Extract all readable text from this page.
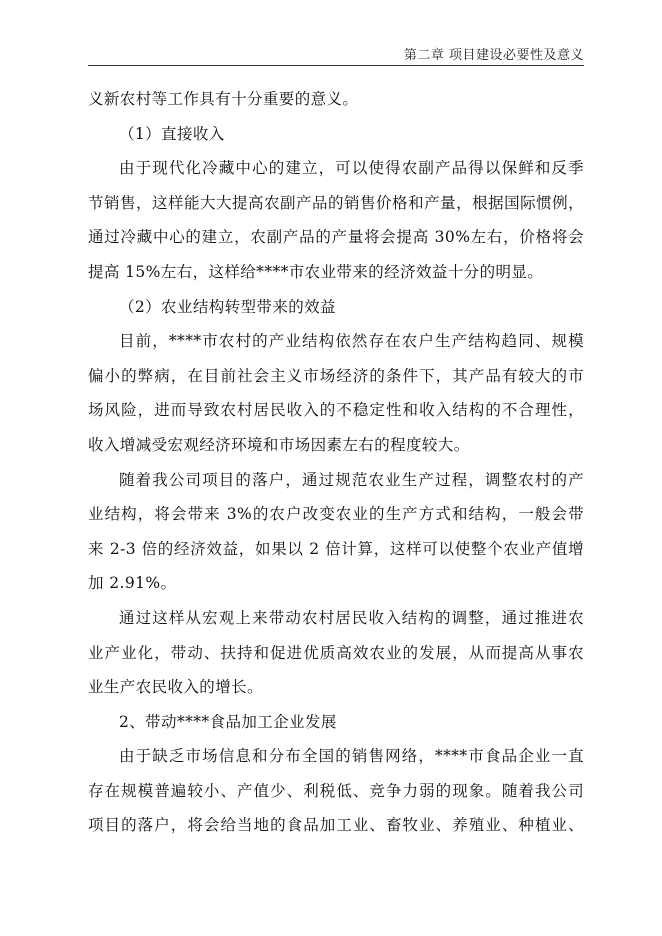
第二章 项目建设必要性及意义
义新农村等工作具有十分重要的意义。
（1）直接收入
由于现代化冷藏中心的建立，可以使得农副产品得以保鲜和反季
节销售，这样能大大提高农副产品的销售价格和产量，根据国际惯例，
通过冷藏中心的建立，农副产品的产量将会提高 30%左右，价格将会
提高 15%左右，这样给****市农业带来的经济效益十分的明显。
（2）农业结构转型带来的效益
目前，****市农村的产业结构依然存在农户生产结构趋同、规模
偏小的弊病，在目前社会主义市场经济的条件下，其产品有较大的市
场风险，进而导致农村居民收入的不稳定性和收入结构的不合理性，
收入增减受宏观经济环境和市场因素左右的程度较大。
随着我公司项目的落户，通过规范农业生产过程，调整农村的产
业结构，将会带来 3%的农户改变农业的生产方式和结构，一般会带
来 2-3 倍的经济效益，如果以 2 倍计算，这样可以使整个农业产值增
加 2.91%。
通过这样从宏观上来带动农村居民收入结构的调整，通过推进农
业产业化，带动、扶持和促进优质高效农业的发展，从而提高从事农
业生产农民收入的增长。
2、带动****食品加工企业发展
由于缺乏市场信息和分布全国的销售网络，****市食品企业一直
存在规模普遍较小、产值少、利税低、竞争力弱的现象。随着我公司
项目的落户，将会给当地的食品加工业、畜牧业、养殖业、种植业、
